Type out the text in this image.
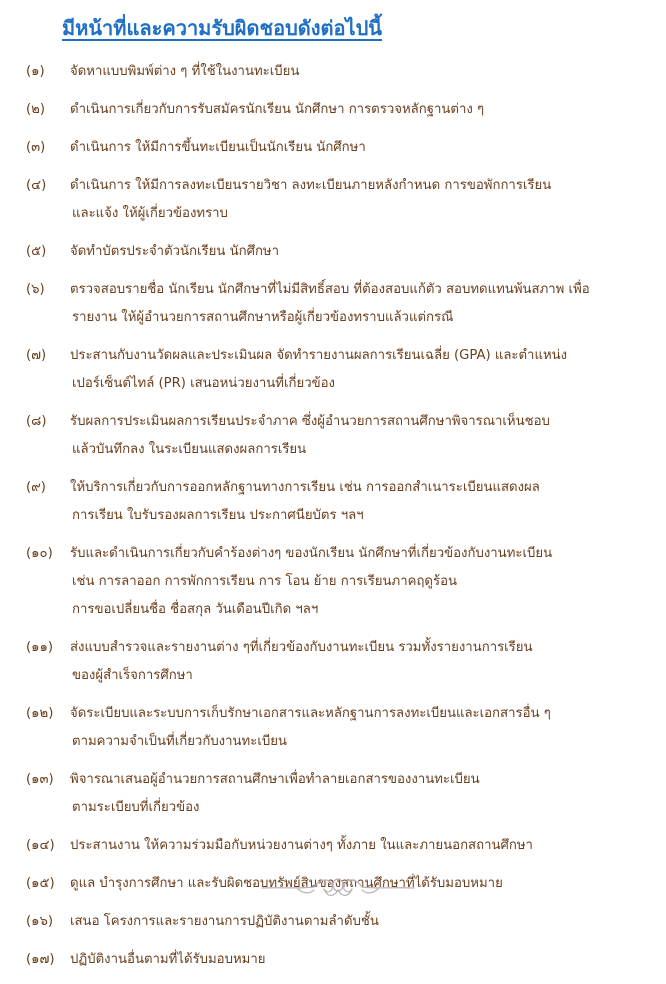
มีหน้าที่และความรับผิดชอบดังต่อไปนี้
(๑)	จัดหาแบบพิมพ์ต่าง ๆ ที่ใช้ในงานทะเบียน
(๒)	ดำเนินการเกี่ยวกับการรับสมัครนักเรียน นักศึกษา การตรวจหลักฐานต่าง ๆ
(๓)	ดำเนินการ ให้มีการขึ้นทะเบียนเป็นนักเรียน นักศึกษา
(๔)	ดำเนินการ ให้มีการลงทะเบียนรายวิชา ลงทะเบียนภายหลังกำหนด การขอพักการเรียน
และแจ้ง ให้ผู้เกี่ยวข้องทราบ
(๕)	จัดทำบัตรประจำตัวนักเรียน นักศึกษา
(๖)	ตรวจสอบรายชื่อ นักเรียน นักศึกษาที่ไม่มีสิทธิ์สอบ ที่ต้องสอบแก้ตัว สอบทดแทนพ้นสภาพ เพื่อ
รายงาน ให้ผู้อำนวยการสถานศึกษาหรือผู้เกี่ยวข้องทราบแล้วแต่กรณี
(๗)	ประสานกับงานวัดผลและประเมินผล จัดทำรายงานผลการเรียนเฉลี่ย (GPA) และตำแหน่ง
เปอร์เซ็นต์ไทล์ (PR) เสนอหน่วยงานที่เกี่ยวข้อง
(๘)	รับผลการประเมินผลการเรียนประจำภาค ซึ่งผู้อำนวยการสถานศึกษาพิจารณาเห็นชอบ
แล้วบันทึกลง ในระเบียนแสดงผลการเรียน
(๙)	ให้บริการเกี่ยวกับการออกหลักฐานทางการเรียน เช่น การออกสำเนาระเบียนแสดงผล
การเรียน ใบรับรองผลการเรียน ประกาศนียบัตร ฯลฯ
(๑๐)	รับและดำเนินการเกี่ยวกับคำร้องต่างๆ ของนักเรียน นักศึกษาที่เกี่ยวข้องกับงานทะเบียน
เช่น การลาออก การพักการเรียน การ โอน ย้าย การเรียนภาคฤดูร้อน
การขอเปลี่ยนชื่อ ชื่อสกุล วันเดือนปีเกิด ฯลฯ
(๑๑)	ส่งแบบสำรวจและรายงานต่าง ๆที่เกี่ยวข้องกับงานทะเบียน รวมทั้งรายงานการเรียน
ของผู้สำเร็จการศึกษา
(๑๒)	จัดระเบียบและระบบการเก็บรักษาเอกสารและหลักฐานการลงทะเบียนและเอกสารอื่น ๆ
ตามความจำเป็นที่เกี่ยวกับงานทะเบียน
(๑๓)	พิจารณาเสนอผู้อำนวยการสถานศึกษาเพื่อทำลายเอกสารของงานทะเบียน
ตามระเบียบที่เกี่ยวข้อง
(๑๔)	ประสานงาน ให้ความร่วมมือกับหน่วยงานต่างๆ ทั้งภาย ในและภายนอกสถานศึกษา
(๑๕)	ดูแล บำรุงการศึกษา และรับผิดชอบทรัพย์สินของสถานศึกษาที่ได้รับมอบหมาย
(๑๖)	เสนอ โครงการและรายงานการปฏิบัติงานตามลำดับชั้น
(๑๗)	ปฏิบัติงานอื่นตามที่ได้รับมอบหมาย
